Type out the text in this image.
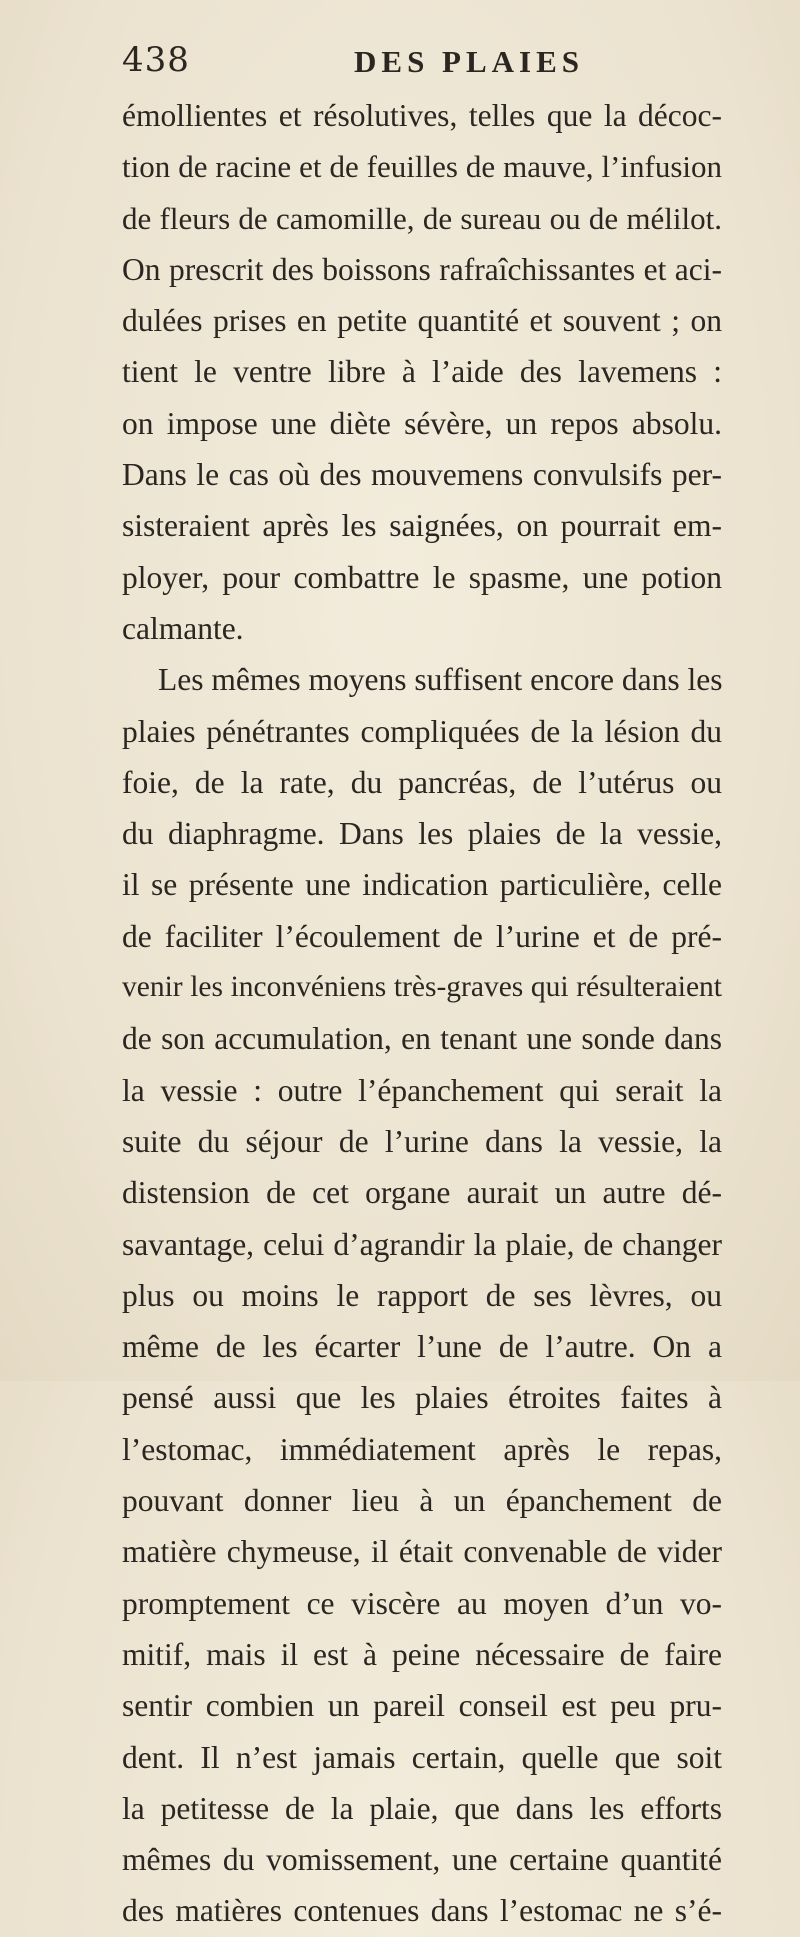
438	DES PLAIES
émollientes et résolutives, telles que la décoc-
tion de racine et de feuilles de mauve, l’infusion
de fleurs de camomille, de sureau ou de mélilot.
On prescrit des boissons rafraîchissantes et aci-
dulées prises en petite quantité et souvent ; on
tient le ventre libre à l’aide des lavemens :
on impose une diète sévère, un repos absolu.
Dans le cas où des mouvemens convulsifs per-
sisteraient après les saignées, on pourrait em-
ployer, pour combattre le spasme, une potion
calmante.
Les mêmes moyens suffisent encore dans les
plaies pénétrantes compliquées de la lésion du
foie, de la rate, du pancréas, de l’utérus ou
du diaphragme. Dans les plaies de la vessie,
il se présente une indication particulière, celle
de faciliter l’écoulement de l’urine et de pré-
venir les inconvéniens très-graves qui résulteraient
de son accumulation, en tenant une sonde dans
la vessie : outre l’épanchement qui serait la
suite du séjour de l’urine dans la vessie, la
distension de cet organe aurait un autre dé-
savantage, celui d’agrandir la plaie, de changer
plus ou moins le rapport de ses lèvres, ou
même de les écarter l’une de l’autre. On a
pensé aussi que les plaies étroites faites à
l’estomac, immédiatement après le repas,
pouvant donner lieu à un épanchement de
matière chymeuse, il était convenable de vider
promptement ce viscère au moyen d’un vo-
mitif, mais il est à peine nécessaire de faire
sentir combien un pareil conseil est peu pru-
dent. Il n’est jamais certain, quelle que soit
la petitesse de la plaie, que dans les efforts
mêmes du vomissement, une certaine quantité
des matières contenues dans l’estomac ne s’é-
